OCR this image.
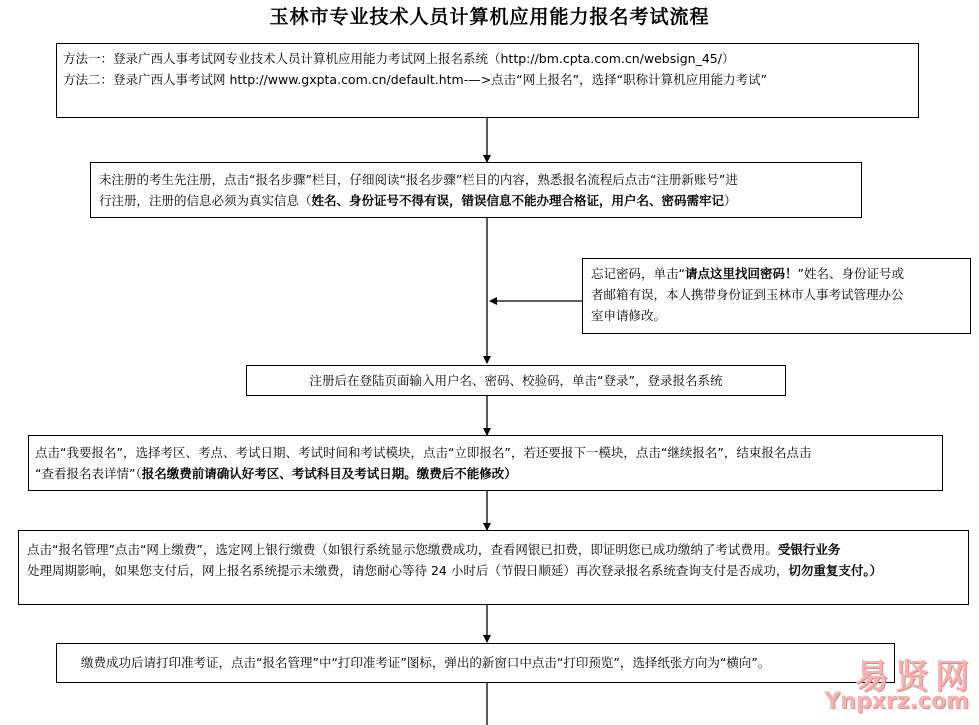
玉林市专业技术人员计算机应用能力报名考试流程
方法一：登录广西人事考试网专业技术人员计算机应用能力考试网上报名系统（http://bm.cpta.com.cn/websign_45/）
方法二：登录广西人事考试网 http://www.gxpta.com.cn/default.htm-—>点击“网上报名”，选择“职称计算机应用能力考试”
未注册的考生先注册，点击“报名步骤”栏目，仔细阅读“报名步骤”栏目的内容，熟悉报名流程后点击“注册新账号”进
行注册，注册的信息必须为真实信息（姓名、身份证号不得有误，错误信息不能办理合格证，用户名、密码需牢记）
忘记密码，单击“请点这里找回密码！”姓名、身份证号或
者邮箱有误，本人携带身份证到玉林市人事考试管理办公
室申请修改。
注册后在登陆页面输入用户名、密码、校验码，单击“登录”，登录报名系统
点击“我要报名”，选择考区、考点、考试日期、考试时间和考试模块，点击“立即报名”，若还要报下一模块，点击“继续报名”，结束报名点击
“查看报名表详情”（报名缴费前请确认好考区、考试科目及考试日期。缴费后不能修改）
点击“报名管理”点击“网上缴费”，选定网上银行缴费（如银行系统显示您缴费成功，查看网银已扣费，即证明您已成功缴纳了考试费用。受银行业务
处理周期影响，如果您支付后，网上报名系统提示未缴费，请您耐心等待 24 小时后（节假日顺延）再次登录报名系统查询支付是否成功，切勿重复支付。）
缴费成功后请打印准考证，点击“报名管理”中“打印准考证”图标，弹出的新窗口中点击“打印预览”，选择纸张方向为“横向”。	易贤网
Ynpxrz.com
